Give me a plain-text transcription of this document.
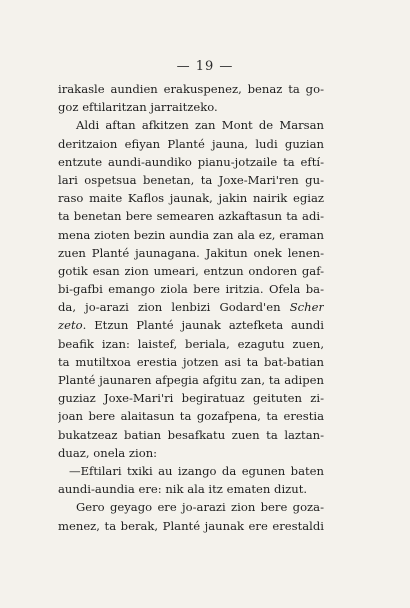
— 19 —
irakasle aundien erakuspenez, benaz ta go-
goz eftilaritzan jarraitzeko.
Aldi aftan afkitzen zan Mont de Marsan
deritzaion efiyan Planté jauna, ludi guzian
entzute aundi-aundiko pianu-jotzaile ta eftí-
lari ospetsua benetan, ta Joxe-Mari'ren gu-
raso maite Kaflos jaunak, jakin nairik egiaz
ta benetan bere semearen azkaftasun ta adi-
mena zioten bezin aundia zan ala ez, eraman
zuen Planté jaunagana. Jakitun onek lenen-
gotik esan zion umeari, entzun ondoren gaf-
bi-gafbi emango ziola bere iritzia. Ofela ba-
da, jo-arazi zion lenbizi Godard'en Scher
zeto. Etzun Planté jaunak aztefketa aundi
beafik izan: laistef, beriala, ezagutu zuen,
ta mutiltxoa erestia jotzen asi ta bat-batian
Planté jaunaren afpegia afgitu zan, ta adipen
guziaz Joxe-Mari'ri begiratuaz geituten zi-
joan bere alaitasun ta gozafpena, ta erestia
bukatzeaz batian besafkatu zuen ta laztan-
duaz, onela zion:
—Eftilari txiki au izango da egunen baten
aundi-aundia ere: nik ala itz ematen dizut.
Gero geyago ere jo-arazi zion bere goza-
menez, ta berak, Planté jaunak ere erestaldi
